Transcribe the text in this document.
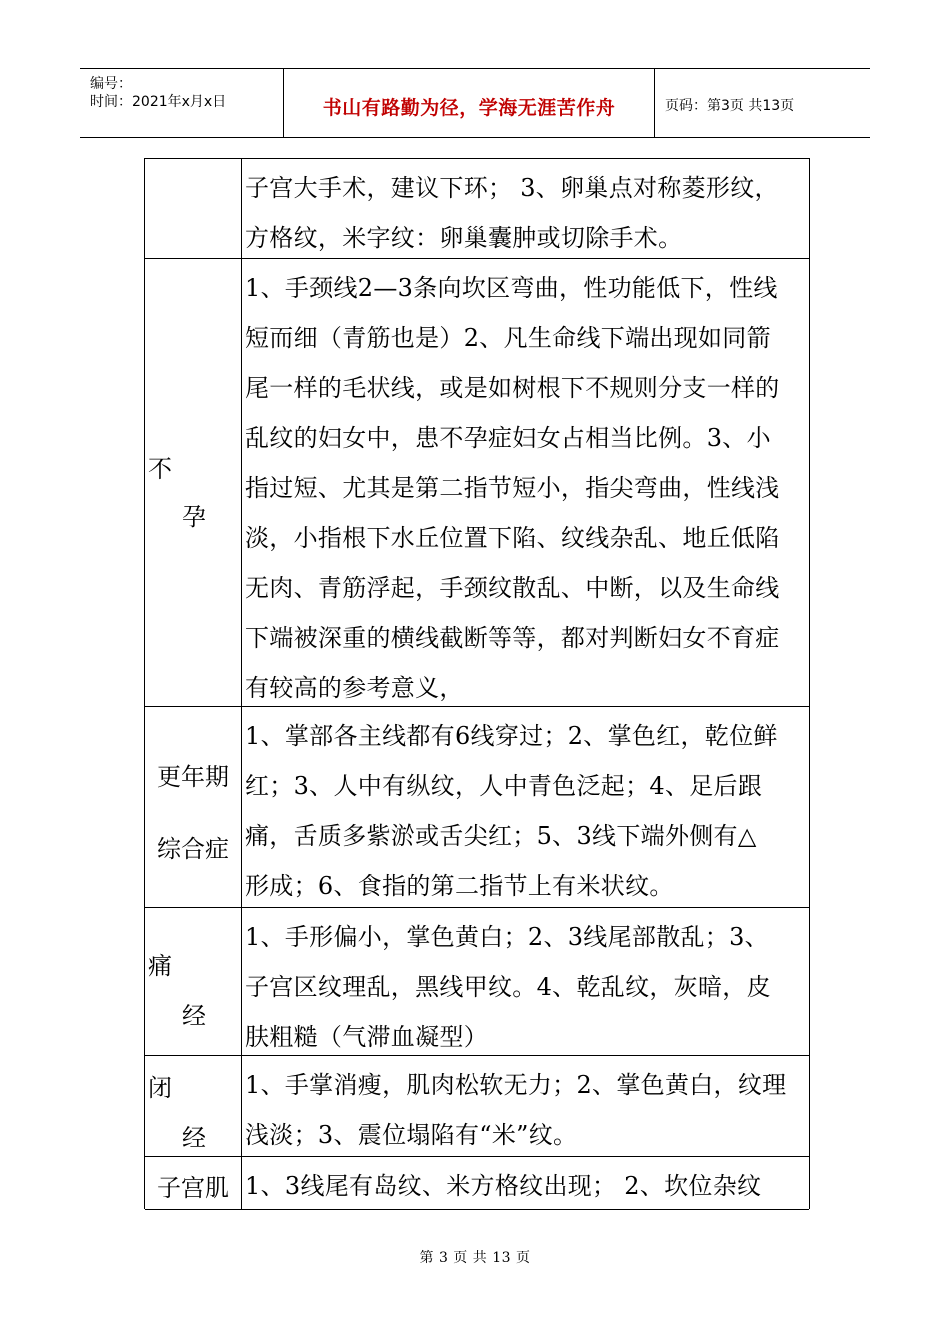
编号：
时间：2021年x月x日	书山有路勤为径，学海无涯苦作舟	页码：第3页 共13页

子宫大手术，建议下环； 3、卵巢点对称菱形纹，

方格纹，米字纹：卵巢囊肿或切除手术。

不
孕

1、手颈线2—3条向坎区弯曲，性功能低下，性线

短而细（青筋也是）2、凡生命线下端出现如同箭

尾一样的毛状线，或是如树根下不规则分支一样的

乱纹的妇女中，患不孕症妇女占相当比例。3、小

指过短、尤其是第二指节短小，指尖弯曲，性线浅

淡，小指根下水丘位置下陷、纹线杂乱、地丘低陷

无肉、青筋浮起，手颈纹散乱、中断，以及生命线

下端被深重的横线截断等等，都对判断妇女不育症

有较高的参考意义，

更年期
综合症

1、掌部各主线都有6线穿过；2、掌色红，乾位鲜

红；3、人中有纵纹，人中青色泛起；4、足后跟

痛，舌质多紫淤或舌尖红；5、3线下端外侧有△

形成；6、食指的第二指节上有米状纹。

痛
经

1、手形偏小，掌色黄白；2、3线尾部散乱；3、

子宫区纹理乱，黑线甲纹。4、乾乱纹，灰暗，皮

肤粗糙（气滞血凝型）

闭
经

1、手掌消瘦，肌肉松软无力；2、掌色黄白，纹理

浅淡；3、震位塌陷有“米”纹。

子宫肌 1、3线尾有岛纹、米方格纹出现； 2、坎位杂纹

第 3 页 共 13 页
